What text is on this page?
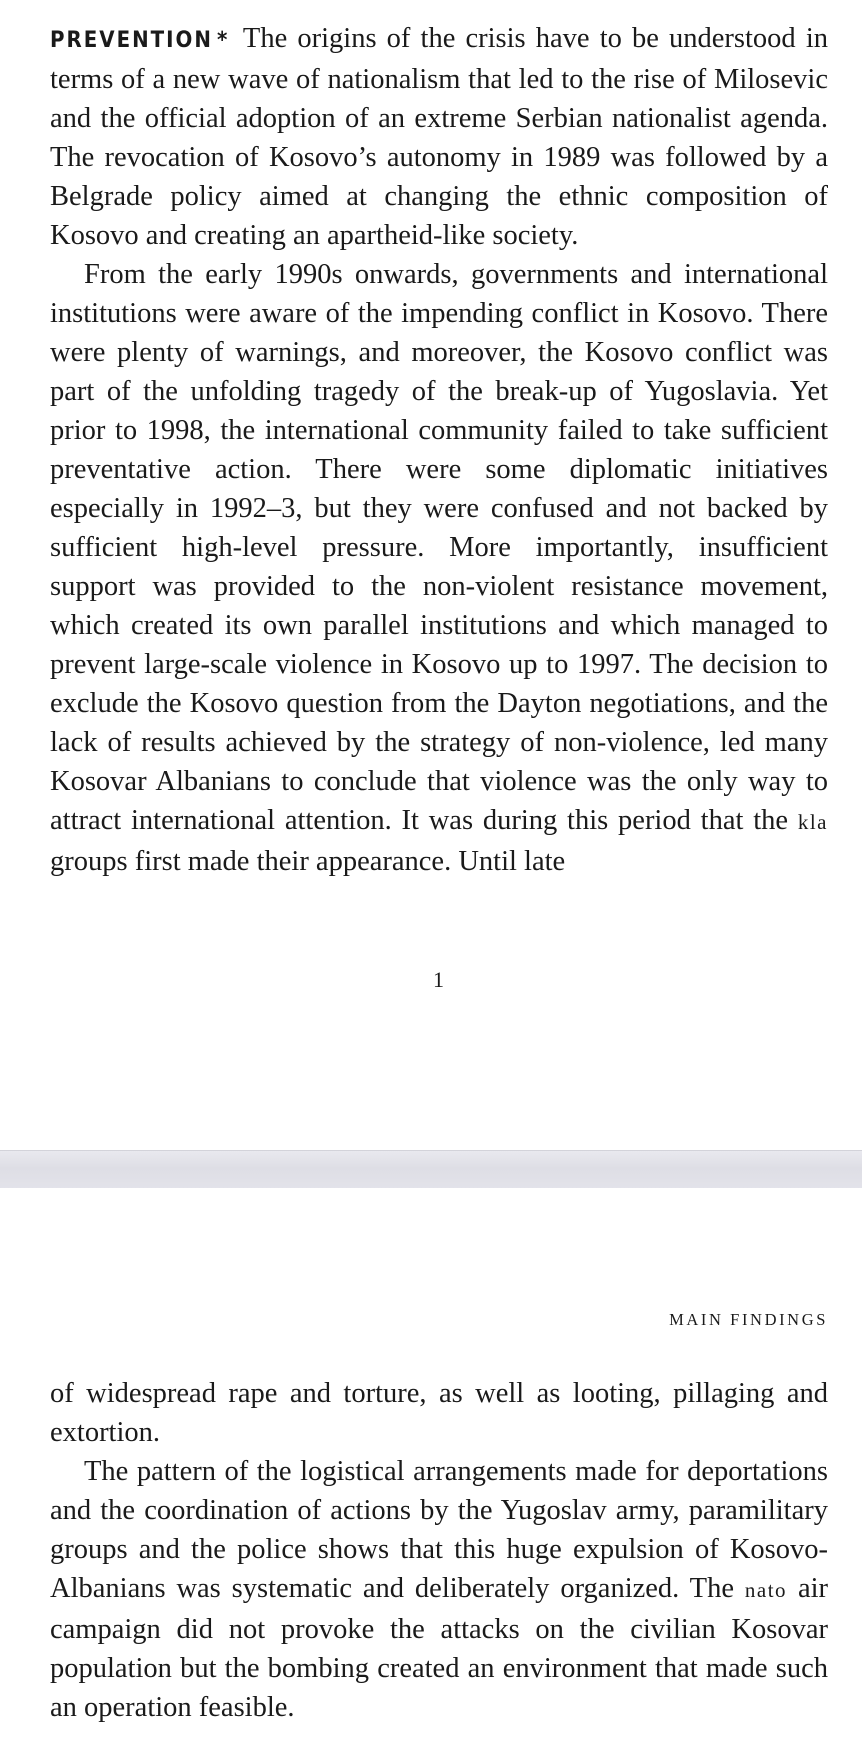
PREVENTION * The origins of the crisis have to be understood in terms of a new wave of nationalism that led to the rise of Milosevic and the official adoption of an extreme Serbian nationalist agenda. The revocation of Kosovo’s autonomy in 1989 was followed by a Belgrade policy aimed at changing the ethnic composition of Kosovo and creating an apartheid-like society.

From the early 1990s onwards, governments and international institutions were aware of the impending conflict in Kosovo. There were plenty of warnings, and moreover, the Kosovo conflict was part of the unfolding tragedy of the break-up of Yugoslavia. Yet prior to 1998, the international community failed to take sufficient preventative action. There were some diplomatic initiatives especially in 1992–3, but they were confused and not backed by sufficient high-level pressure. More importantly, insufficient support was provided to the non-violent resistance movement, which created its own parallel institutions and which managed to prevent large-scale violence in Kosovo up to 1997. The decision to exclude the Kosovo question from the Dayton negotiations, and the lack of results achieved by the strategy of non-violence, led many Kosovar Albanians to conclude that violence was the only way to attract international attention. It was during this period that the kla groups first made their appearance. Until late

1
MAIN FINDINGS

of widespread rape and torture, as well as looting, pillaging and extortion.

The pattern of the logistical arrangements made for deportations and the coordination of actions by the Yugoslav army, paramilitary groups and the police shows that this huge expulsion of Kosovo-Albanians was systematic and deliberately organized. The nato air campaign did not provoke the attacks on the civilian Kosovar population but the bombing created an environment that made such an operation feasible.
